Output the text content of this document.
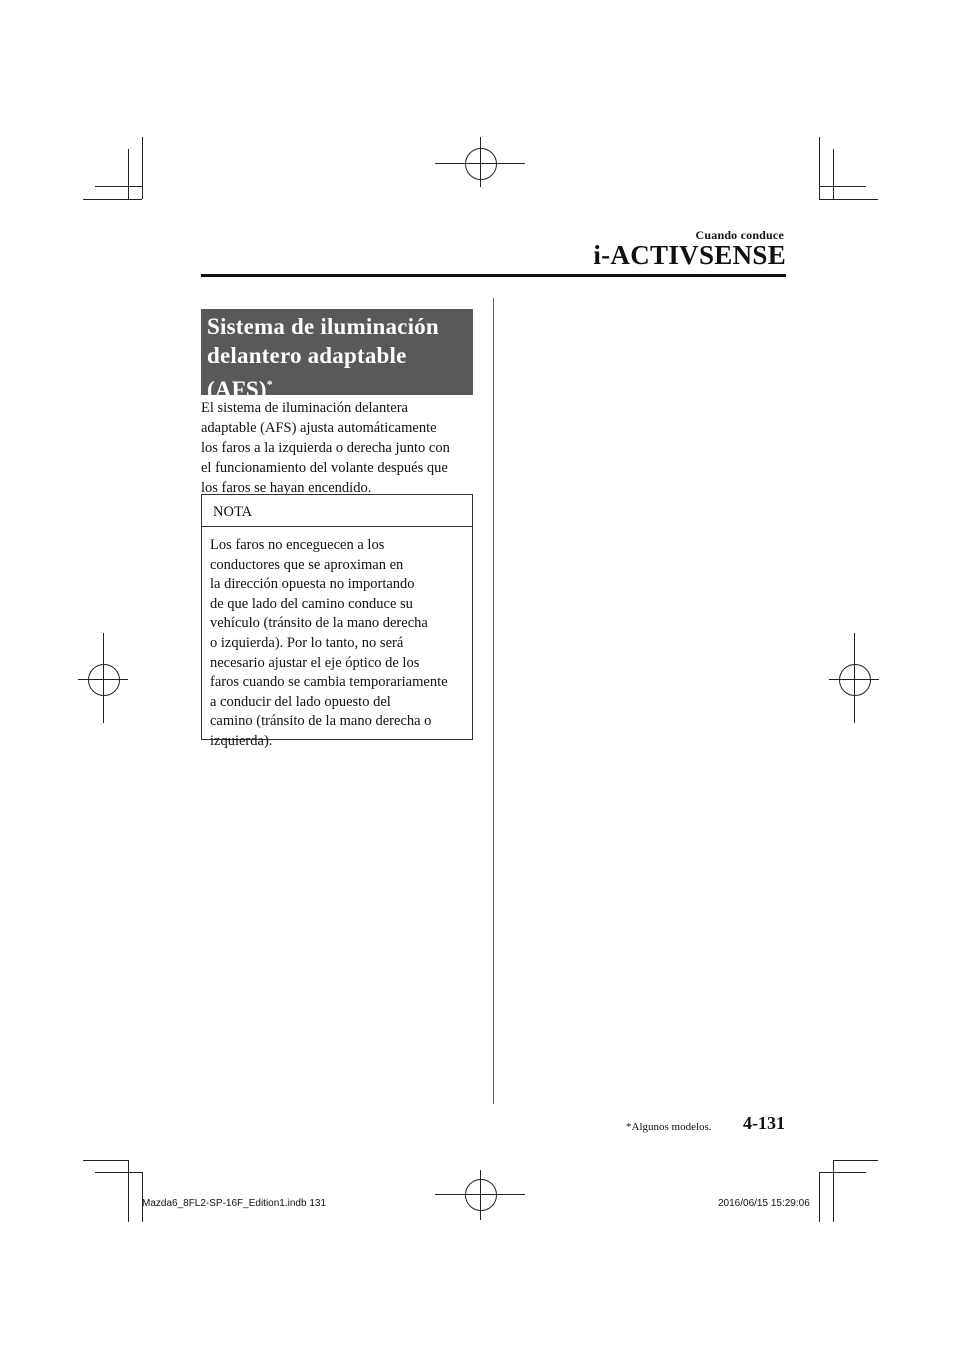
Cuando conduce
i-ACTIVSENSE
Sistema de iluminación
delantero adaptable
(AFS)*
El sistema de iluminación delantera
adaptable (AFS) ajusta automáticamente
los faros a la izquierda o derecha junto con
el funcionamiento del volante después que
los faros se hayan encendido.
NOTA
Los faros no enceguecen a los
conductores que se aproximan en
la dirección opuesta no importando
de que lado del camino conduce su
vehículo (tránsito de la mano derecha
o izquierda). Por lo tanto, no será
necesario ajustar el eje óptico de los
faros cuando se cambia temporariamente
a conducir del lado opuesto del
camino (tránsito de la mano derecha o
izquierda).
*Algunos modelos. 4-131
Mazda6_8FL2-SP-16F_Edition1.indb 131	2016/06/15 15:29:06
